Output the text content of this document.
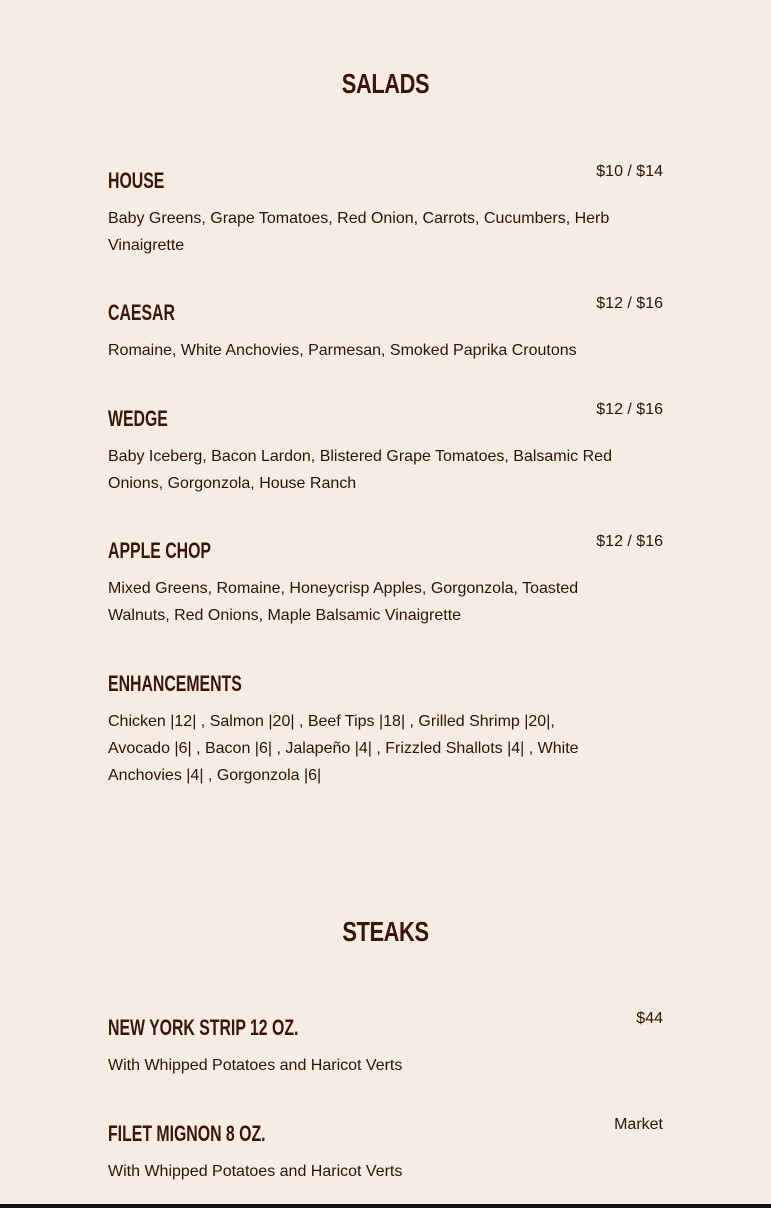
SALADS
HOUSE	$10 / $14
Baby Greens, Grape Tomatoes, Red Onion, Carrots, Cucumbers, Herb Vinaigrette
CAESAR	$12 / $16
Romaine, White Anchovies, Parmesan, Smoked Paprika Croutons
WEDGE	$12 / $16
Baby Iceberg, Bacon Lardon, Blistered Grape Tomatoes, Balsamic Red Onions, Gorgonzola, House Ranch
APPLE CHOP	$12 / $16
Mixed Greens, Romaine, Honeycrisp Apples, Gorgonzola, Toasted Walnuts, Red Onions, Maple Balsamic Vinaigrette
ENHANCEMENTS
Chicken |12| , Salmon |20| , Beef Tips |18| , Grilled Shrimp |20|, Avocado |6| , Bacon |6| , Jalapeño |4| , Frizzled Shallots |4| , White Anchovies |4| , Gorgonzola |6|
STEAKS
NEW YORK STRIP 12 OZ.	$44
With Whipped Potatoes and Haricot Verts
FILET MIGNON 8 OZ.	Market
With Whipped Potatoes and Haricot Verts
